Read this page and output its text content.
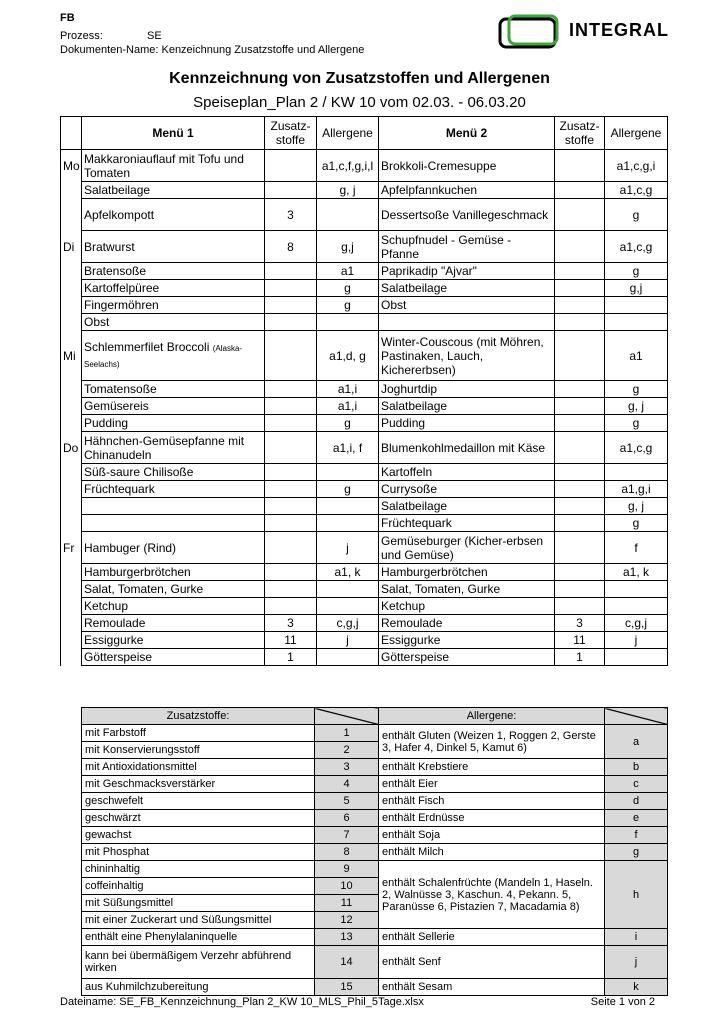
FB
Prozess:	SE
Dokumenten-Name: Kenzeichnung Zusatzstoffe und Allergene
INTEGRAL
Kennzeichnung von Zusatzstoffen und Allergenen
Speiseplan_Plan 2 / KW 10 vom 02.03. - 06.03.20
	Menü 1	Zusatz-stoffe	Allergene	Menü 2	Zusatz-stoffe	Allergene
Mo	Makkaroniauflauf mit Tofu und Tomaten		a1,c,f,g,i,l	Brokkoli-Cremesuppe		a1,c,g,i
	Salatbeilage		g, j	Apfelpfannkuchen		a1,c,g
	Apfelkompott	3		Dessertsoße Vanillegeschmack		g
Di	Bratwurst	8	g,j	Schupfnudel - Gemüse - Pfanne		a1,c,g
	Bratensoße		a1	Paprikadip "Ajvar"		g
	Kartoffelpüree		g	Salatbeilage		g,j
	Fingermöhren		g	Obst		
	Obst					
Mi	Schlemmerfilet Broccoli (Alaska-Seelachs)		a1,d, g	Winter-Couscous (mit Möhren, Pastinaken, Lauch, Kichererbsen)		a1
	Tomatensoße		a1,i	Joghurtdip		g
	Gemüsereis		a1,i	Salatbeilage		g, j
	Pudding		g	Pudding		g
Do	Hähnchen-Gemüsepfanne mit Chinanudeln		a1,i, f	Blumenkohlmedaillon mit Käse		a1,c,g
	Süß-saure Chilisoße			Kartoffeln		
	Früchtequark		g	Currysoße		a1,g,i
				Salatbeilage		g, j
				Früchtequark		g
Fr	Hambuger (Rind)		j	Gemüseburger (Kicher-erbsen und Gemüse)		f
	Hamburgerbrötchen		a1, k	Hamburgerbrötchen		a1, k
	Salat, Tomaten, Gurke			Salat, Tomaten, Gurke		
	Ketchup			Ketchup		
	Remoulade	3	c,g,j	Remoulade	3	c,g,j
	Essiggurke	11	j	Essiggurke	11	j
	Götterspeise	1		Götterspeise	1	
Zusatzstoffe:		Allergene:	
mit Farbstoff	1	enthält Gluten (Weizen 1, Roggen 2, Gerste 3, Hafer 4, Dinkel 5, Kamut 6)	a
mit Konservierungsstoff	2		
mit Antioxidationsmittel	3	enthält Krebstiere	b
mit Geschmacksverstärker	4	enthält Eier	c
geschwefelt	5	enthält Fisch	d
geschwärzt	6	enthält Erdnüsse	e
gewachst	7	enthält Soja	f
mit Phosphat	8	enthält Milch	g
chininhaltig	9	enthält Schalenfrüchte (Mandeln 1, Haseln. 2, Walnüsse 3, Kaschun. 4, Pekann. 5, Paranüsse 6, Pistazien 7, Macadamia 8)	h
coffeinhaltig	10		
mit Süßungsmittel	11		
mit einer Zuckerart und Süßungsmittel	12		
enthält eine Phenylalaninquelle	13	enthält Sellerie	i
kann bei übermäßigem Verzehr abführend wirken	14	enthält Senf	j
aus Kuhmilchzubereitung	15	enthält Sesam	k
Dateiname: SE_FB_Kennzeichnung_Plan 2_KW 10_MLS_Phil_5Tage.xlsx	Seite 1 von 2
